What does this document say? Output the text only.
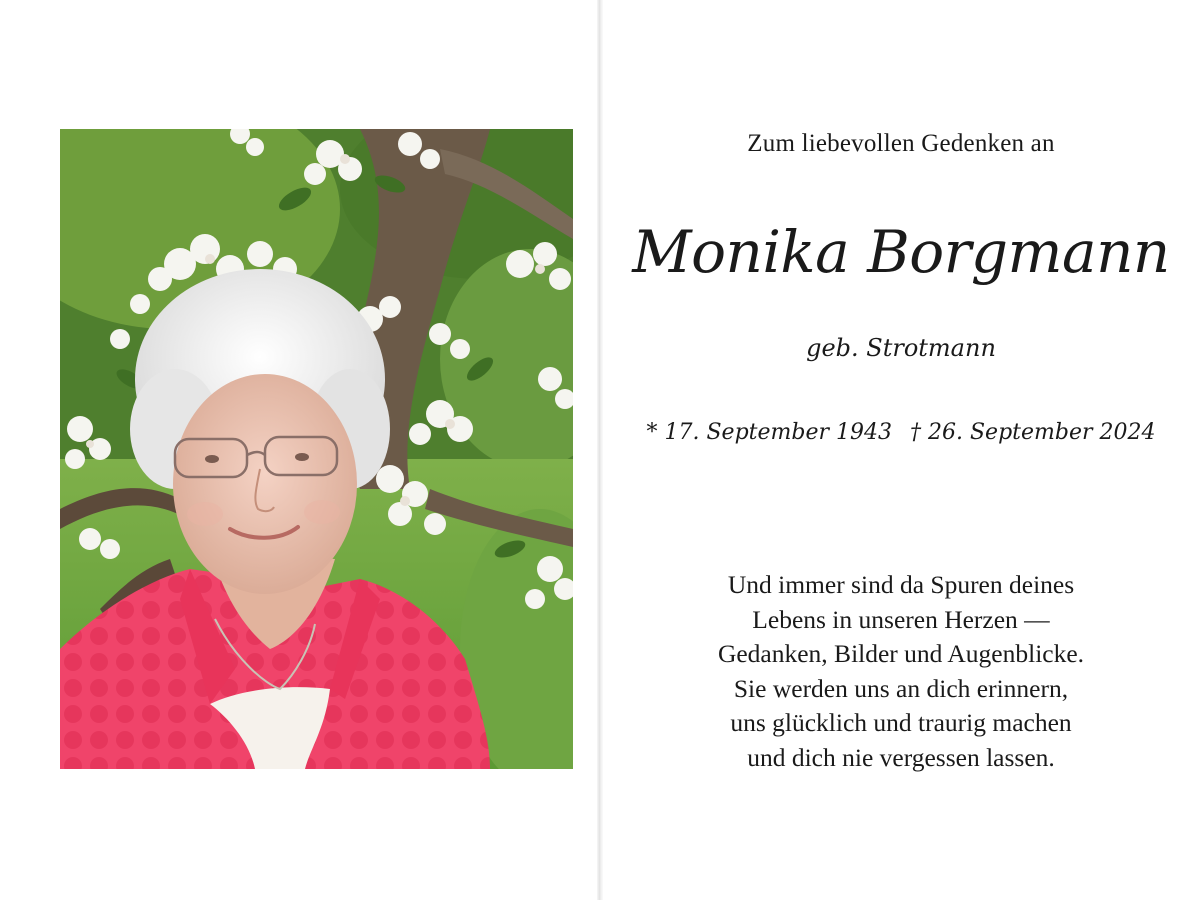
Zum liebevollen Gedenken an
Monika Borgmann
geb. Strotmann
* 17. September 1943 † 26. September 2024
Und immer sind da Spuren deines
Lebens in unseren Herzen —
Gedanken, Bilder und Augenblicke.
Sie werden uns an dich erinnern,
uns glücklich und traurig machen
und dich nie vergessen lassen.
